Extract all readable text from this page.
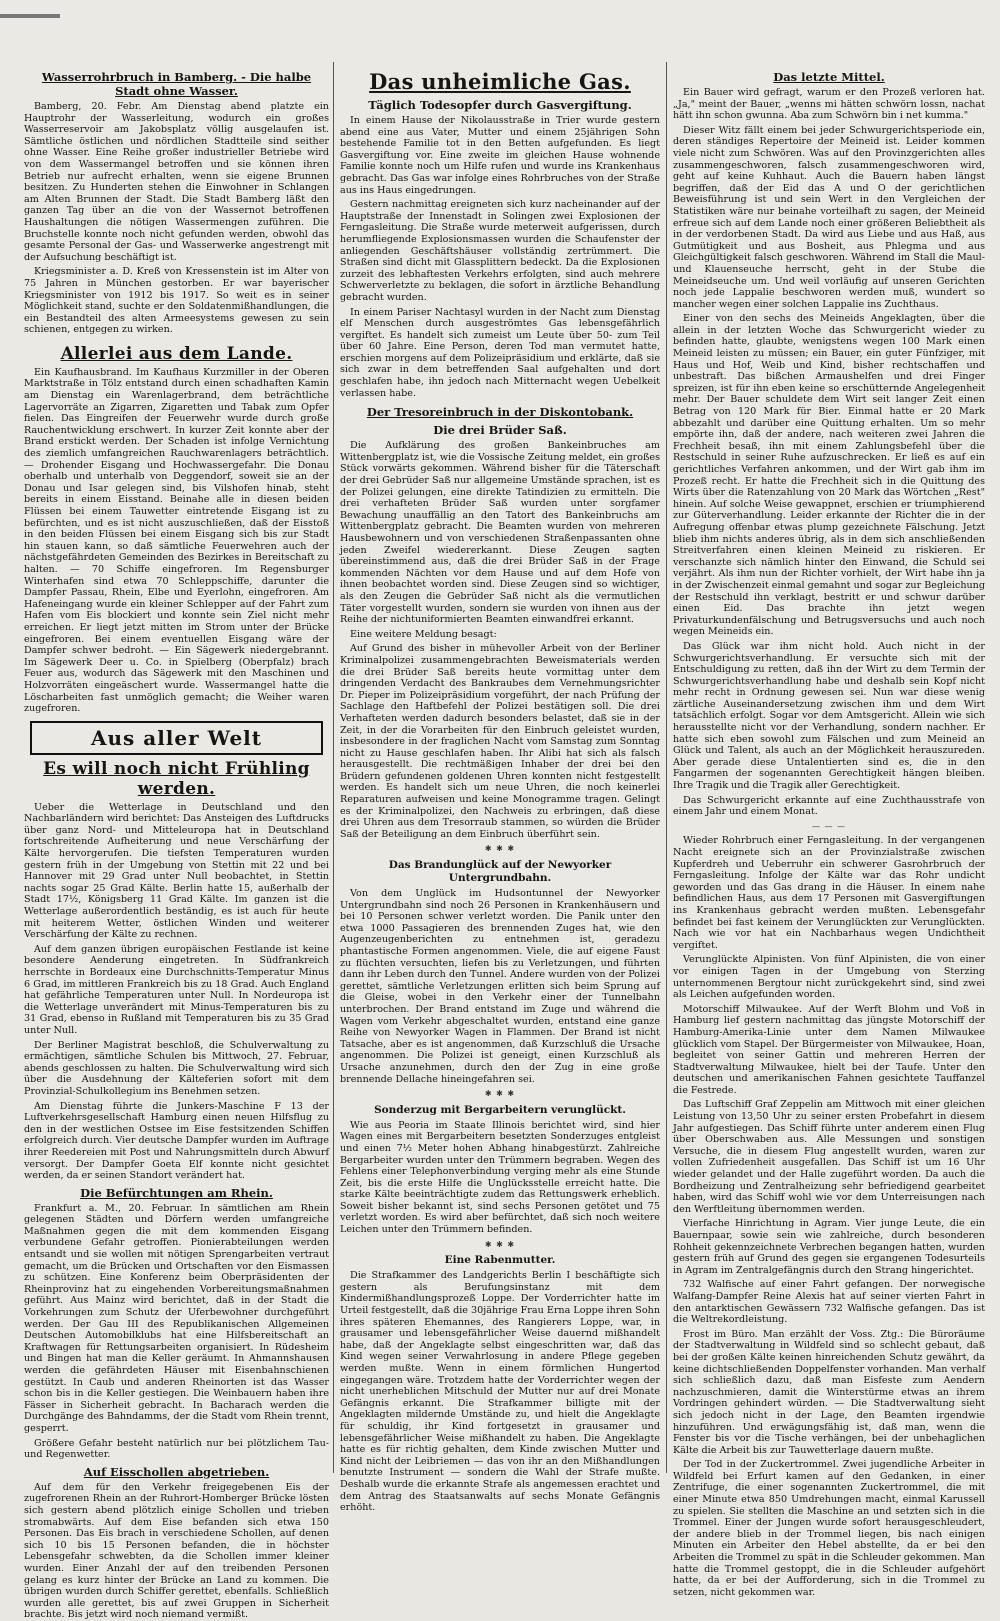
Wasserrohrbruch in Bamberg. - Die halbe Stadt ohne Wasser.

Bamberg, 20. Febr. Am Dienstag abend platzte ein Hauptrohr der Wasserleitung, wodurch ein großes Wasserreservoir am Jakobsplatz völlig ausgelaufen ist. Sämtliche östlichen und nördlichen Stadtteile sind seither ohne Wasser. Eine Reihe großer industrieller Betriebe wird von dem Wassermangel betroffen und sie können ihren Betrieb nur aufrecht erhalten, wenn sie eigene Brunnen besitzen. Zu Hunderten stehen die Einwohner in Schlangen am Alten Brunnen der Stadt. Die Stadt Bamberg läßt den ganzen Tag über an die von der Wassernot betroffenen Haushaltungen die nötigen Wassermengen zuführen. Die Bruchstelle konnte noch nicht gefunden werden, obwohl das gesamte Personal der Gas- und Wasserwerke angestrengt mit der Aufsuchung beschäftigt ist.

Kriegsminister a. D. Kreß von Kressenstein ist im Alter von 75 Jahren in München gestorben. Er war bayerischer Kriegsminister von 1912 bis 1917. So weit es in seiner Möglichkeit stand, suchte er den Soldatenmißhandlungen, die ein Bestandteil des alten Armeesystems gewesen zu sein schienen, entgegen zu wirken.

Allerlei aus dem Lande.

Ein Kaufhausbrand. Im Kaufhaus Kurzmiller in der Oberen Marktstraße in Tölz entstand durch einen schadhaften Kamin am Dienstag ein Warenlagerbrand, dem beträchtliche Lagervorräte an Zigarren, Zigaretten und Tabak zum Opfer fielen. Das Eingreifen der Feuerwehr wurde durch große Rauchentwicklung erschwert. In kurzer Zeit konnte aber der Brand erstickt werden. Der Schaden ist infolge Vernichtung des ziemlich umfangreichen Rauchwarenlagers beträchtlich. — Drohender Eisgang und Hochwassergefahr. Die Donau oberhalb und unterhalb von Deggendorf, soweit sie an der Donau und Isar gelegen sind, bis Vilshofen hinab, steht bereits in einem Eisstand. Beinahe alle in diesen beiden Flüssen bei einem Tauwetter eintretende Eisgang ist zu befürchten, und es ist nicht auszuschließen, daß der Eisstoß in den beiden Flüssen bei einem Eisgang sich bis zur Stadt hin stauen kann, so daß sämtliche Feuerwehren auch der nächstgefährdeten Gemeinden des Bezirkes in Bereitschaft zu halten. — 70 Schiffe eingefroren. Im Regensburger Winterhafen sind etwa 70 Schleppschiffe, darunter die Dampfer Passau, Rhein, Elbe und Eyerlohn, eingefroren. Am Hafeneingang wurde ein kleiner Schlepper auf der Fahrt zum Hafen vom Eis blockiert und konnte sein Ziel nicht mehr erreichen. Er liegt jetzt mitten im Strom unter der Brücke eingefroren. Bei einem eventuellen Eisgang wäre der Dampfer schwer bedroht. — Ein Sägewerk niedergebrannt. Im Sägewerk Deer u. Co. in Spielberg (Oberpfalz) brach Feuer aus, wodurch das Sägewerk mit den Maschinen und Holzvorräten eingeäschert wurde. Wassermangel hatte die Löscharbeiten fast unmöglich gemacht; die Weiher waren zugefroren.

Aus aller Welt
Es will noch nicht Frühling werden.

Ueber die Wetterlage in Deutschland und den Nachbarländern wird berichtet: Das Ansteigen des Luftdrucks über ganz Nord- und Mitteleuropa hat in Deutschland fortschreitende Aufheiterung und neue Verschärfung der Kälte hervorgerufen. Die tiefsten Temperaturen wurden gestern früh in der Umgebung von Stettin mit 22 und bei Hannover mit 29 Grad unter Null beobachtet, in Stettin nachts sogar 25 Grad Kälte. Berlin hatte 15, außerhalb der Stadt 17½, Königsberg 11 Grad Kälte. Im ganzen ist die Wetterlage außerordentlich beständig, es ist auch für heute mit heiterem Wetter, östlichen Winden und weiterer Verschärfung der Kälte zu rechnen.

Auf dem ganzen übrigen europäischen Festlande ist keine besondere Aenderung eingetreten. In Südfrankreich herrschte in Bordeaux eine Durchschnitts-Temperatur Minus 6 Grad, im mittleren Frankreich bis zu 18 Grad. Auch England hat gefährliche Temperaturen unter Null. In Nordeuropa ist die Wetterlage unverändert mit Minus-Temperaturen bis zu 31 Grad, ebenso in Rußland mit Temperaturen bis zu 35 Grad unter Null.

Der Berliner Magistrat beschloß, die Schulverwaltung zu ermächtigen, sämtliche Schulen bis Mittwoch, 27. Februar, abends geschlossen zu halten. Die Schulverwaltung wird sich über die Ausdehnung der Kälteferien sofort mit dem Provinzial-Schulkollegium ins Benehmen setzen.

Am Dienstag führte die Junkers-Maschine F 13 der Luftverkehrsgesellschaft Hamburg einen neuen Hilfsflug zu den in der westlichen Ostsee im Eise festsitzenden Schiffen erfolgreich durch. Vier deutsche Dampfer wurden im Auftrage ihrer Reedereien mit Post und Nahrungsmitteln durch Abwurf versorgt. Der Dampfer Goeta Elf konnte nicht gesichtet werden, da er seinen Standort verändert hat.

Die Befürchtungen am Rhein.

Frankfurt a. M., 20. Februar. In sämtlichen am Rhein gelegenen Städten und Dörfern werden umfangreiche Maßnahmen gegen die mit dem kommenden Eisgang verbundene Gefahr getroffen. Pionierabteilungen werden entsandt und sie wollen mit nötigen Sprengarbeiten vertraut gemacht, um die Brücken und Ortschaften vor den Eismassen zu schützen. Eine Konferenz beim Oberpräsidenten der Rheinprovinz hat zu eingehenden Vorbereitungsmaßnahmen geführt. Aus Mainz wird berichtet, daß in der Stadt die Vorkehrungen zum Schutz der Uferbewohner durchgeführt werden. Der Gau III des Republikanischen Allgemeinen Deutschen Automobilklubs hat eine Hilfsbereitschaft an Kraftwagen für Rettungsarbeiten organisiert. In Rüdesheim und Bingen hat man die Keller geräumt. In Ahmannshausen werden die gefährdeten Häuser mit Eisenbahnschienen gestützt. In Caub und anderen Rheinorten ist das Wasser schon bis in die Keller gestiegen. Die Weinbauern haben ihre Fässer in Sicherheit gebracht. In Bacharach werden die Durchgänge des Bahndamms, der die Stadt vom Rhein trennt, gesperrt.

Größere Gefahr besteht natürlich nur bei plötzlichem Tau- und Regenwetter.

Auf Eisschollen abgetrieben.

Auf dem für den Verkehr freigegebenen Eis der zugefrorenen Rhein an der Ruhrort-Homberger Brücke lösten sich gestern abend plötzlich einige Schollen und trieben stromabwärts. Auf dem Eise befanden sich etwa 150 Personen. Das Eis brach in verschiedene Schollen, auf denen sich 10 bis 15 Personen befanden, die in höchster Lebensgefahr schwebten, da die Schollen immer kleiner wurden. Einer Anzahl der auf den treibenden Personen gelang es kurz hinter der Brücke an Land zu kommen. Die übrigen wurden durch Schiffer gerettet, ebenfalls. Schließlich wurden alle gerettet, bis auf zwei Gruppen in Sicherheit brachte. Bis jetzt wird noch niemand vermißt.

Das unheimliche Gas.
Täglich Todesopfer durch Gasvergiftung.

In einem Hause der Nikolausstraße in Trier wurde gestern abend eine aus Vater, Mutter und einem 25jährigen Sohn bestehende Familie tot in den Betten aufgefunden. Es liegt Gasvergiftung vor. Eine zweite im gleichen Hause wohnende Familie konnte noch um Hilfe rufen und wurde ins Krankenhaus gebracht. Das Gas war infolge eines Rohrbruches von der Straße aus ins Haus eingedrungen.

Gestern nachmittag ereigneten sich kurz nacheinander auf der Hauptstraße der Innenstadt in Solingen zwei Explosionen der Ferngasleitung. Die Straße wurde meterweit aufgerissen, durch herumfliegende Explosionsmassen wurden die Schaufenster der anliegenden Geschäftshäuser vollständig zertrümmert. Die Straßen sind dicht mit Glassplittern bedeckt. Da die Explosionen zurzeit des lebhaftesten Verkehrs erfolgten, sind auch mehrere Schwerverletzte zu beklagen, die sofort in ärztliche Behandlung gebracht wurden.

In einem Pariser Nachtasyl wurden in der Nacht zum Dienstag elf Menschen durch ausgeströmtes Gas lebensgefährlich vergiftet. Es handelt sich zumeist um Leute über 50- zum Teil über 60 Jahre. Eine Person, deren Tod man vermutet hatte, erschien morgens auf dem Polizeipräsidium und erklärte, daß sie sich zwar in dem betreffenden Saal aufgehalten und dort geschlafen habe, ihn jedoch nach Mitternacht wegen Uebelkeit verlassen habe.

Der Tresoreinbruch in der Diskontobank.
Die drei Brüder Saß.

Die Aufklärung des großen Bankeinbruches am Wittenbergplatz ist, wie die Vossische Zeitung meldet, ein großes Stück vorwärts gekommen. Während bisher für die Täterschaft der drei Gebrüder Saß nur allgemeine Umstände sprachen, ist es der Polizei gelungen, eine direkte Tatindizien zu ermitteln. Die drei verhafteten Brüder Saß wurden unter sorgfamer Bewachung unauffällig an den Tatort des Bankeinbruchs am Wittenbergplatz gebracht. Die Beamten wurden von mehreren Hausbewohnern und von verschiedenen Straßenpassanten ohne jeden Zweifel wiedererkannt. Diese Zeugen sagten übereinstimmend aus, daß die drei Brüder Saß in der Frage kommenden Nächten vor dem Hause und auf dem Hofe von ihnen beobachtet worden sind. Diese Zeugen sind so wichtiger, als den Zeugen die Gebrüder Saß nicht als die vermutlichen Täter vorgestellt wurden, sondern sie wurden von ihnen aus der Reihe der nichtuniformierten Beamten einwandfrei erkannt.

Eine weitere Meldung besagt:

Auf Grund des bisher in mühevoller Arbeit von der Berliner Kriminalpolizei zusammengebrachten Beweismaterials werden die drei Brüder Saß bereits heute vormittag unter dem dringenden Verdacht des Bankraubes dem Vernehmungsrichter Dr. Pieper im Polizeipräsidium vorgeführt, der nach Prüfung der Sachlage den Haftbefehl der Polizei bestätigen soll. Die drei Verhafteten werden dadurch besonders belastet, daß sie in der Zeit, in der die Vorarbeiten für den Einbruch geleistet wurden, insbesondere in der fraglichen Nacht vom Samstag zum Sonntag nicht zu Hause geschlafen haben. Ihr Alibi hat sich als falsch herausgestellt. Die rechtmäßigen Inhaber der drei bei den Brüdern gefundenen goldenen Uhren konnten nicht festgestellt werden. Es handelt sich um neue Uhren, die noch keinerlei Reparaturen aufweisen und keine Monogramme tragen. Gelingt es der Kriminalpolizei, den Nachweis zu erbringen, daß diese drei Uhren aus dem Tresorraub stammen, so würden die Brüder Saß der Beteiligung an dem Einbruch überführt sein.

✱ ✱ ✱
Das Brandunglück auf der Newyorker Untergrundbahn.

Von dem Unglück im Hudsontunnel der Newyorker Untergrundbahn sind noch 26 Personen in Krankenhäusern und bei 10 Personen schwer verletzt worden. Die Panik unter den etwa 1000 Passagieren des brennenden Zuges hat, wie den Augenzeugenberichten zu entnehmen ist, geradezu phantastische Formen angenommen. Viele, die auf eigene Faust zu flüchten versuchten, liefen bis zu Verletzungen, und führten dann ihr Leben durch den Tunnel. Andere wurden von der Polizei gerettet, sämtliche Verletzungen erlitten sich beim Sprung auf die Gleise, wobei in den Verkehr einer der Tunnelbahn unterbrochen. Der Brand entstand im Zuge und während die Wagen vom Verkehr abgeschaltet wurden, entstand eine ganze Reihe von Newyorker Wagen in Flammen. Der Brand ist nicht Tatsache, aber es ist angenommen, daß Kurzschluß die Ursache angenommen. Die Polizei ist geneigt, einen Kurzschluß als Ursache anzunehmen, durch den der Zug in eine große brennende Dellache hineingefahren sei.

✱ ✱ ✱
Sonderzug mit Bergarbeitern verunglückt.

Wie aus Peoria im Staate Illinois berichtet wird, sind hier Wagen eines mit Bergarbeitern besetzten Sonderzuges entgleist und einen 7½ Meter hohen Abhang hinabgestürzt. Zahlreiche Bergarbeiter wurden unter den Trümmern begraben. Wegen des Fehlens einer Telephonverbindung verging mehr als eine Stunde Zeit, bis die erste Hilfe die Unglücksstelle erreicht hatte. Die starke Kälte beeinträchtigte zudem das Rettungswerk erheblich. Soweit bisher bekannt ist, sind sechs Personen getötet und 75 verletzt worden. Es wird aber befürchtet, daß sich noch weitere Leichen unter den Trümmern befinden.

✱ ✱ ✱
Eine Rabenmutter.

Die Strafkammer des Landgerichts Berlin I beschäftigte sich gestern als Berufungsinstanz mit dem Kindermißhandlungsprozeß Loppe. Der Vorderrichter hatte im Urteil festgestellt, daß die 30jährige Frau Erna Loppe ihren Sohn ihres späteren Ehemannes, des Rangierers Loppe, war, in grausamer und lebensgefährlicher Weise dauernd mißhandelt habe, daß der Angeklagte selbst eingeschritten war, daß das Kind wegen seiner Verwahrlosung in andere Pflege gegeben werden mußte. Wenn in einem förmlichen Hungertod eingegangen wäre. Trotzdem hatte der Vorderrichter wegen der nicht unerheblichen Mitschuld der Mutter nur auf drei Monate Gefängnis erkannt. Die Strafkammer billigte mit der Angeklagten mildernde Umstände zu, und hielt die Angeklagte für schuldig, ihr Kind fortgesetzt in grausamer und lebensgefährlicher Weise mißhandelt zu haben. Die Angeklagte hatte es für richtig gehalten, dem Kinde zwischen Mutter und Kind nicht der Leibriemen — das von ihr an den Mißhandlungen benutzte Instrument — sondern die Wahl der Strafe mußte. Deshalb wurde die erkannte Strafe als angemessen erachtet und dem Antrag des Staatsanwalts auf sechs Monate Gefängnis erhöht.

Das letzte Mittel.

Ein Bauer wird gefragt, warum er den Prozeß verloren hat. „Ja," meint der Bauer, „wenns mi hätten schwörn lossn, nachat hätt ihn schon gwunna. Aba zum Schwörn bin i net kumma."

Dieser Witz fällt einem bei jeder Schwurgerichtsperiode ein, deren ständiges Repertoire der Meineid ist. Leider kommen viele nicht zum Schwören. Was auf den Provinzgerichten alles zusammengeschworen, falsch zusammengeschworen wird, geht auf keine Kuhhaut. Auch die Bauern haben längst begriffen, daß der Eid das A und O der gerichtlichen Beweisführung ist und sein Wert in den Vergleichen der Statistiken wäre nur beinahe vorteilhaft zu sagen, der Meineid erfreue sich auf dem Lande noch einer größeren Beliebtheit als in der verdorbenen Stadt. Da wird aus Liebe und aus Haß, aus Gutmütigkeit und aus Bosheit, aus Phlegma und aus Gleichgültigkeit falsch geschworen. Während im Stall die Maul- und Klauenseuche herrscht, geht in der Stube die Meineidseuche um. Und weil vorläufig auf unseren Gerichten noch jede Lappalie beschworen werden muß, wundert so mancher wegen einer solchen Lappalie ins Zuchthaus.

Einer von den sechs des Meineids Angeklagten, über die allein in der letzten Woche das Schwurgericht wieder zu befinden hatte, glaubte, wenigstens wegen 100 Mark einen Meineid leisten zu müssen; ein Bauer, ein guter Fünfziger, mit Haus und Hof, Weib und Kind, bisher rechtschaffen und unbestraft. Das bißchen Armaushelfen und drei Finger spreizen, ist für ihn eben keine so erschütternde Angelegenheit mehr. Der Bauer schuldete dem Wirt seit langer Zeit einen Betrag von 120 Mark für Bier. Einmal hatte er 20 Mark abbezahlt und darüber eine Quittung erhalten. Um so mehr empörte ihn, daß der andere, nach weiteren zwei Jahren die Frechheit besaß, ihn mit einem Zahlungsbefehl über die Restschuld in seiner Ruhe aufzuschrecken. Er ließ es auf ein gerichtliches Verfahren ankommen, und der Wirt gab ihm im Prozeß recht. Er hatte die Frechheit sich in die Quittung des Wirts über die Ratenzahlung von 20 Mark das Wörtchen „Rest" hinein. Auf solche Weise gewappnet, erschien er triumphierend zur Güterverhandlung. Leider erkannte der Richter die in der Aufregung offenbar etwas plump gezeichnete Fälschung. Jetzt blieb ihm nichts anderes übrig, als in dem sich anschließenden Streitverfahren einen kleinen Meineid zu riskieren. Er verschanzte sich nämlich hinter den Einwand, die Schuld sei verjährt. Als ihm nun der Richter vorhielt, der Wirt habe ihn ja in der Zwischenzeit einmal gemahnt und sogar zur Begleichung der Restschuld ihn verklagt, bestritt er und schwur darüber einen Eid. Das brachte ihn jetzt wegen Privaturkundenfälschung und Betrugsversuchs und auch noch wegen Meineids ein.

Das Glück war ihm nicht hold. Auch nicht in der Schwurgerichtsverhandlung. Er versuchte sich mit der Entschuldigung zu retten, daß ihn der Wirt zu dem Termin der Schwurgerichtsverhandlung habe und deshalb sein Kopf nicht mehr recht in Ordnung gewesen sei. Nun war diese wenig zärtliche Auseinandersetzung zwischen ihm und dem Wirt tatsächlich erfolgt. Sogar vor dem Amtsgericht. Allein wie sich herausstellte nicht vor der Verhandlung, sondern nachher. Er hatte sich eben sowohl zum Fälschen und zum Meineid an Glück und Talent, als auch an der Möglichkeit herauszureden. Aber gerade diese Untalentierten sind es, die in den Fangarmen der sogenannten Gerechtigkeit hängen bleiben. Ihre Tragik und die Tragik aller Gerechtigkeit.

Das Schwurgericht erkannte auf eine Zuchthausstrafe von einem Jahr und einem Monat.

— — —

Wieder Rohrbruch einer Ferngasleitung. In der vergangenen Nacht ereignete sich an der Provinzialstraße zwischen Kupferdreh und Ueberruhr ein schwerer Gasrohrbruch der Ferngasleitung. Infolge der Kälte war das Rohr undicht geworden und das Gas drang in die Häuser. In einem nahe befindlichen Haus, aus dem 17 Personen mit Gasvergiftungen ins Krankenhaus gebracht werden mußten. Lebensgefahr befindet bei fast keinem der Verunglückten zur Verunglückten. Nach wie vor hat ein Nachbarhaus wegen Undichtheit vergiftet.

Verunglückte Alpinisten. Von fünf Alpinisten, die von einer vor einigen Tagen in der Umgebung von Sterzing unternommenen Bergtour nicht zurückgekehrt sind, sind zwei als Leichen aufgefunden worden.

Motorschiff Milwaukee. Auf der Werft Blohm und Voß in Hamburg lief gestern nachmittag das jüngste Motorschiff der Hamburg-Amerika-Linie unter dem Namen Milwaukee glücklich vom Stapel. Der Bürgermeister von Milwaukee, Hoan, begleitet von seiner Gattin und mehreren Herren der Stadtverwaltung Milwaukee, hielt bei der Taufe. Unter den deutschen und amerikanischen Fahnen gesichtete Tauffanzel die Festrede.

Das Luftschiff Graf Zeppelin am Mittwoch mit einer gleichen Leistung von 13,50 Uhr zu seiner ersten Probefahrt in diesem Jahr aufgestiegen. Das Schiff führte unter anderem einen Flug über Oberschwaben aus. Alle Messungen und sonstigen Versuche, die in diesem Flug angestellt wurden, waren zur vollen Zufriedenheit ausgefallen. Das Schiff ist um 16 Uhr wieder gelandet und der Halle zugeführt worden. Da auch die Bordheizung und Zentralheizung sehr befriedigend gearbeitet haben, wird das Schiff wohl wie vor dem Unterreisungen nach den Werftleitung übernommen werden.

Vierfache Hinrichtung in Agram. Vier junge Leute, die ein Bauernpaar, sowie sein wie zahlreiche, durch besonderen Rohheit gekennzeichnete Verbrechen begangen hatten, wurden gestern früh auf Grund des gegen sie ergangenen Todesurteils in Agram im Zentralgefängnis durch den Strang hingerichtet.

732 Walfische auf einer Fahrt gefangen. Der norwegische Walfang-Dampfer Reine Alexis hat auf seiner vierten Fahrt in den antarktischen Gewässern 732 Walfische gefangen. Das ist die Weltrekordleistung.

Frost im Büro. Man erzählt der Voss. Ztg.: Die Büroräume der Stadtverwaltung in Wildfeld sind so schlecht gebaut, daß bei der großen Kälte keinen hinreichenden Schutz gewährt, da keine dichtschließenden Doppelfenster vorhanden. Man verhalf sich schließlich dazu, daß man Eisfeste zum Aendern nachzuschmieren, damit die Winterstürme etwas an ihrem Vordringen gehindert würden. — Die Stadtverwaltung sieht sich jedoch nicht in der Lage, den Beamten irgendwie hinzuführen. Und erwägungsfähig ist, daß man, wenn die Fenster bis vor die Tische verhängen, bei der unbehaglichen Kälte die Arbeit bis zur Tauwetterlage dauern mußte.

Der Tod in der Zuckertrommel. Zwei jugendliche Arbeiter in Wildfeld bei Erfurt kamen auf den Gedanken, in einer Zentrifuge, die einer sogenannten Zuckertrommel, die mit einer Minute etwa 850 Umdrehungen macht, einmal Karussell zu spielen. Sie stellten die Maschine an und setzten sich in die Trommel. Einer der Jungen wurde sofort herausgeschleudert, der andere blieb in der Trommel liegen, bis nach einigen Minuten ein Arbeiter den Hebel abstellte, da er bei den Arbeiten die Trommel zu spät in die Schleuder gekommen. Man hatte die Trommel gestoppt, die in die Schleuder aufgehört hatte, da er bei der Aufforderung, sich in die Trommel zu setzen, nicht gekommen war.
